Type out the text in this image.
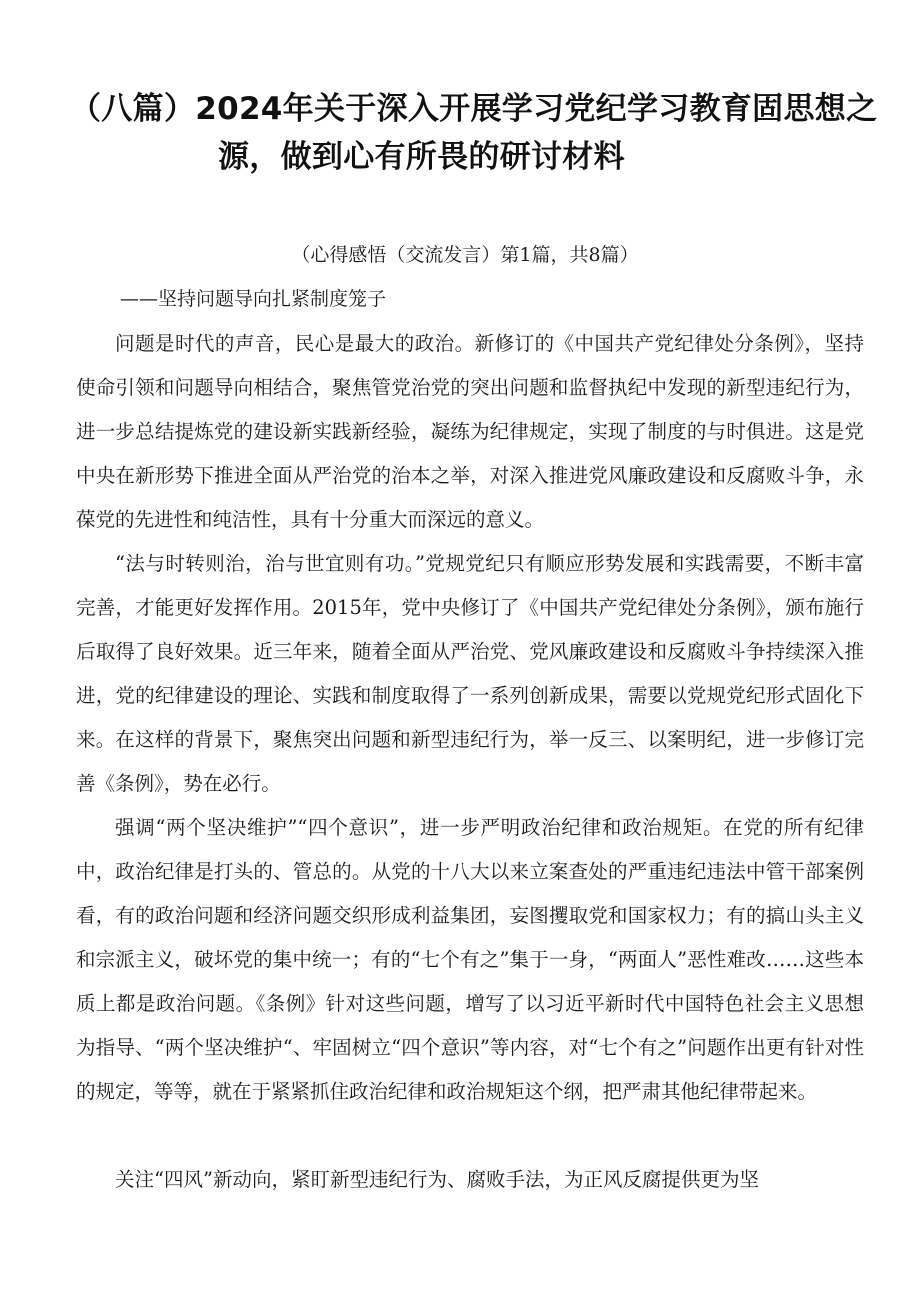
（八篇）2024年关于深入开展学习党纪学习教育固思想之
源，做到心有所畏的研讨材料
（心得感悟（交流发言）第1篇，共8篇）
——坚持问题导向扎紧制度笼子

问题是时代的声音，民心是最大的政治。新修订的《中国共产党纪律处分条例》，坚持使命引领和问题导向相结合，聚焦管党治党的突出问题和监督执纪中发现的新型违纪行为，进一步总结提炼党的建设新实践新经验，凝练为纪律规定，实现了制度的与时俱进。这是党中央在新形势下推进全面从严治党的治本之举，对深入推进党风廉政建设和反腐败斗争，永葆党的先进性和纯洁性，具有十分重大而深远的意义。

“法与时转则治，治与世宜则有功。”党规党纪只有顺应形势发展和实践需要，不断丰富完善，才能更好发挥作用。2015年，党中央修订了《中国共产党纪律处分条例》，颁布施行后取得了良好效果。近三年来，随着全面从严治党、党风廉政建设和反腐败斗争持续深入推进，党的纪律建设的理论、实践和制度取得了一系列创新成果，需要以党规党纪形式固化下来。在这样的背景下，聚焦突出问题和新型违纪行为，举一反三、以案明纪，进一步修订完善《条例》，势在必行。

强调“两个坚决维护”“四个意识”，进一步严明政治纪律和政治规矩。在党的所有纪律中，政治纪律是打头的、管总的。从党的十八大以来立案查处的严重违纪违法中管干部案例看，有的政治问题和经济问题交织形成利益集团，妄图攫取党和国家权力；有的搞山头主义和宗派主义，破坏党的集中统一；有的“七个有之”集于一身，“两面人”恶性难改……这些本质上都是政治问题。《条例》针对这些问题，增写了以习近平新时代中国特色社会主义思想为指导、“两个坚决维护“、牢固树立“四个意识”等内容，对“七个有之”问题作出更有针对性的规定，等等，就在于紧紧抓住政治纪律和政治规矩这个纲，把严肃其他纪律带起来。

关注“四风”新动向，紧盯新型违纪行为、腐败手法，为正风反腐提供更为坚
